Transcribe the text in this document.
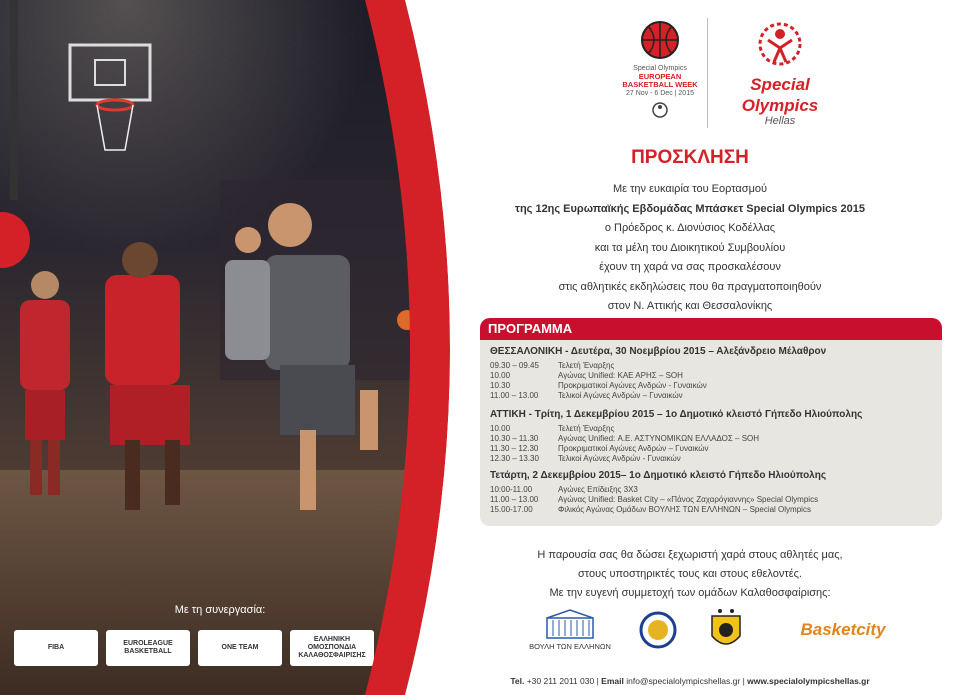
Με τη συνεργασία:
FIBA
EUROLEAGUE BASKETBALL
ONE TEAM
ΕΛΛΗΝΙΚΗ ΟΜΟΣΠΟΝΔΙΑ ΚΑΛΑΘΟΣΦΑΙΡΙΣΗΣ
Special Olympics
EUROPEAN
BASKETBALL WEEK
27 Nov - 6 Dec | 2015	Special
Olympics
Hellas
ΠΡΟΣΚΛΗΣΗ
Με την ευκαιρία του Εορτασμού
της 12ης Ευρωπαϊκής Εβδομάδας Μπάσκετ Special Olympics 2015
ο Πρόεδρος κ. Διονύσιος Κοδέλλας
και τα μέλη του Διοικητικού Συμβουλίου
έχουν τη χαρά να σας προσκαλέσουν
στις αθλητικές εκδηλώσεις που θα πραγματοποιηθούν
στον Ν. Αττικής και Θεσσαλονίκης
ΠΡΟΓΡΑΜΜΑ
ΘΕΣΣΑΛΟΝΙΚΗ - Δευτέρα, 30 Νοεμβρίου 2015 – Αλεξάνδρειο Μέλαθρον
09.30 – 09.45	Τελετή Έναρξης
10.00	Αγώνας Unified: ΚΑΕ ΑΡΗΣ – SOH
10.30	Προκριματικοί Αγώνες Ανδρών - Γυναικών
11.00 – 13.00	Τελικοί Αγώνες Ανδρών – Γυναικών
ΑΤΤΙΚΗ - Τρίτη, 1 Δεκεμβρίου 2015 – 1ο Δημοτικό κλειστό Γήπεδο Ηλιούπολης
10.00	Τελετή Έναρξης
10.30 – 11.30	Αγώνας Unified: Α.Ε. ΑΣΤΥΝΟΜΙΚΩΝ ΕΛΛΑΔΟΣ – SOH
11.30 – 12.30	Προκριματικοί Αγώνες Ανδρών – Γυναικών
12.30 – 13.30	Τελικοί Αγώνες Ανδρών - Γυναικών
Τετάρτη, 2 Δεκεμβρίου 2015– 1ο Δημοτικό κλειστό Γήπεδο Ηλιούπολης
10:00-11.00	Αγώνες Επίδειξης 3Χ3
11.00 – 13.00	Αγώνας Unified: Basket City – «Πάνος Ζαχαρόγιαννης» Special Olympics
15.00-17.00	Φιλικός Αγώνας Ομάδων ΒΟΥΛΗΣ ΤΩΝ ΕΛΛΗΝΩΝ – Special Olympics
Η παρουσία σας θα δώσει ξεχωριστή χαρά στους αθλητές μας,
στους υποστηρικτές τους και στους εθελοντές.
Με την ευγενή συμμετοχή των ομάδων Καλαθοσφαίρισης:
ΒΟΥΛΗ ΤΩΝ ΕΛΛΗΝΩΝ
Basketcity
Tel. +30 211 2011 030 | Email info@specialolympicshellas.gr | www.specialolympicshellas.gr
